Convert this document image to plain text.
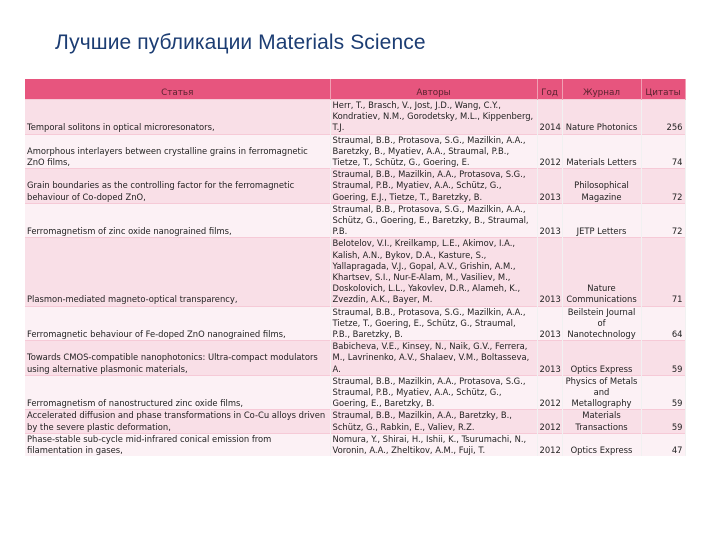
Лучшие публикации Materials Science
Статья	Авторы	Год	Журнал	Цитаты
Temporal solitons in optical microresonators,	Herr, T., Brasch, V., Jost, J.D., Wang, C.Y., Kondratiev, N.M., Gorodetsky, M.L., Kippenberg, T.J.	2014	Nature Photonics	256
Amorphous interlayers between crystalline grains in ferromagnetic ZnO films,	Straumal, B.B., Protasova, S.G., Mazilkin, A.A., Baretzky, B., Myatiev, A.A., Straumal, P.B., Tietze, T., Schütz, G., Goering, E.	2012	Materials Letters	74
Grain boundaries as the controlling factor for the ferromagnetic behaviour of Co-doped ZnO,	Straumal, B.B., Mazilkin, A.A., Protasova, S.G., Straumal, P.B., Myatiev, A.A., Schütz, G., Goering, E.J., Tietze, T., Baretzky, B.	2013	Philosophical Magazine	72
Ferromagnetism of zinc oxide nanograined films,	Straumal, B.B., Protasova, S.G., Mazilkin, A.A., Schütz, G., Goering, E., Baretzky, B., Straumal, P.B.	2013	JETP Letters	72
Plasmon-mediated magneto-optical transparency,	Belotelov, V.I., Kreilkamp, L.E., Akimov, I.A., Kalish, A.N., Bykov, D.A., Kasture, S., Yallapragada, V.J., Gopal, A.V., Grishin, A.M., Khartsev, S.I., Nur-E-Alam, M., Vasiliev, M., Doskolovich, L.L., Yakovlev, D.R., Alameh, K., Zvezdin, A.K., Bayer, M.	2013	Nature Communications	71
Ferromagnetic behaviour of Fe-doped ZnO nanograined films,	Straumal, B.B., Protasova, S.G., Mazilkin, A.A., Tietze, T., Goering, E., Schütz, G., Straumal, P.B., Baretzky, B.	2013	Beilstein Journal of Nanotechnology	64
Towards CMOS-compatible nanophotonics: Ultra-compact modulators using alternative plasmonic materials,	Babicheva, V.E., Kinsey, N., Naik, G.V., Ferrera, M., Lavrinenko, A.V., Shalaev, V.M., Boltasseva, A.	2013	Optics Express	59
Ferromagnetism of nanostructured zinc oxide films,	Straumal, B.B., Mazilkin, A.A., Protasova, S.G., Straumal, P.B., Myatiev, A.A., Schütz, G., Goering, E., Baretzky, B.	2012	Physics of Metals and Metallography	59
Accelerated diffusion and phase transformations in Co-Cu alloys driven by the severe plastic deformation,	Straumal, B.B., Mazilkin, A.A., Baretzky, B., Schütz, G., Rabkin, E., Valiev, R.Z.	2012	Materials Transactions	59
Phase-stable sub-cycle mid-infrared conical emission from filamentation in gases,	Nomura, Y., Shirai, H., Ishii, K., Tsurumachi, N., Voronin, A.A., Zheltikov, A.M., Fuji, T.	2012	Optics Express	47
